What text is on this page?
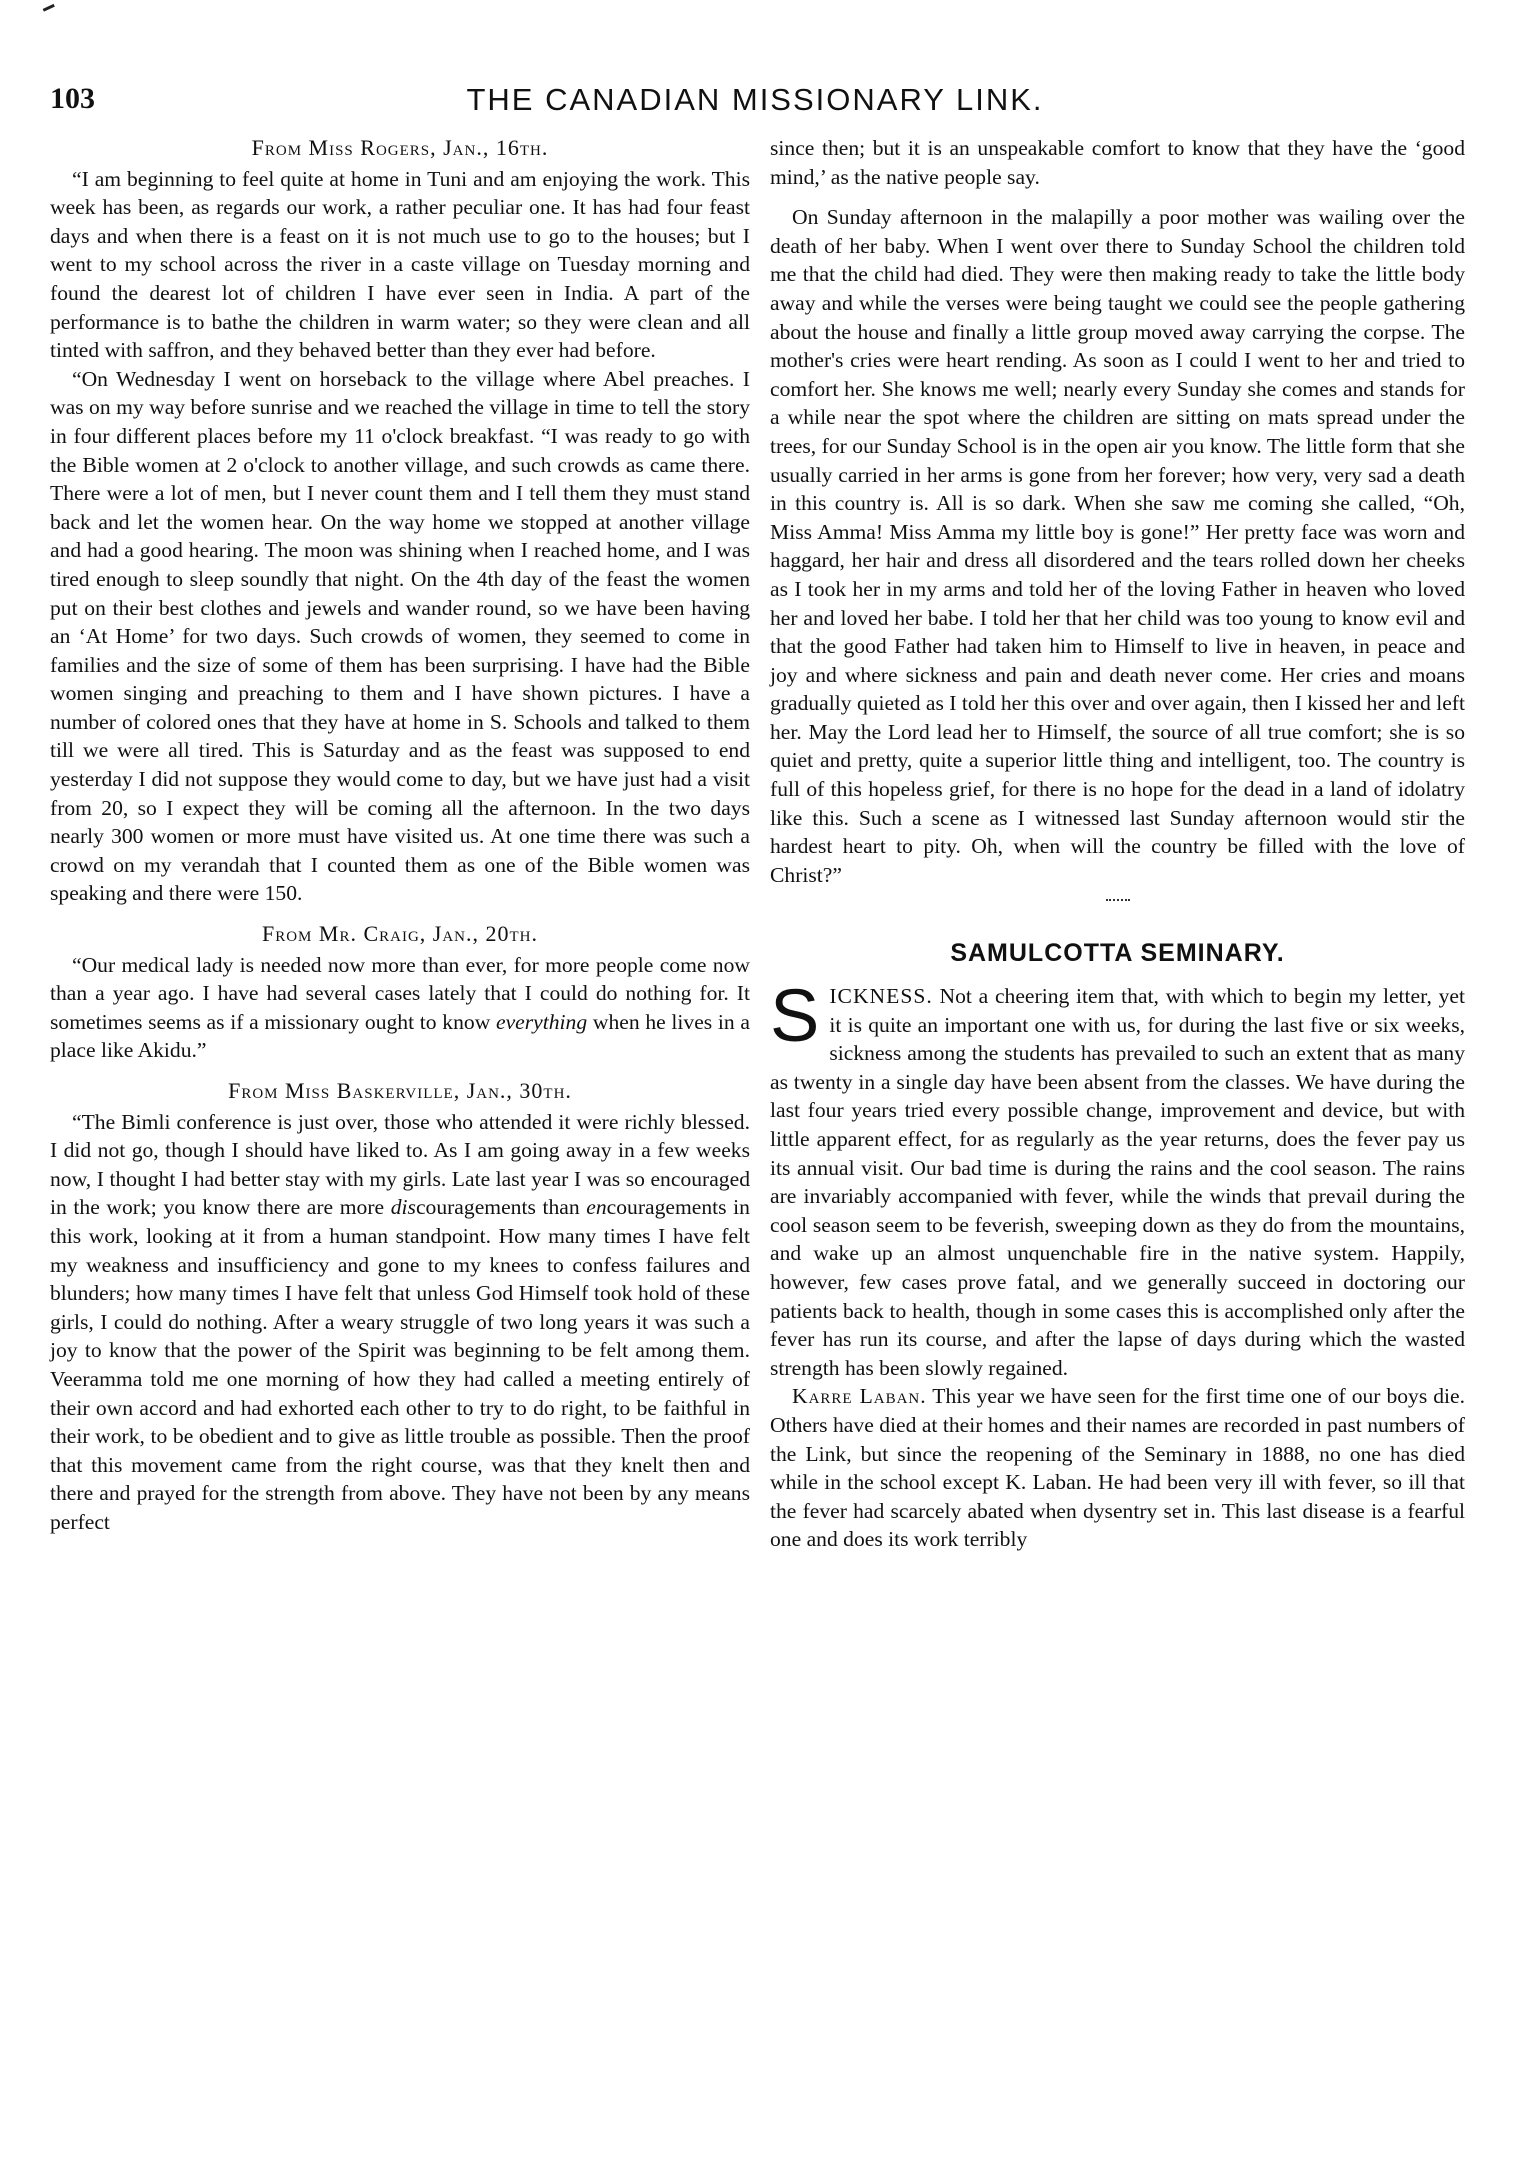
103	THE CANADIAN MISSIONARY LINK.
From Miss Rogers, Jan., 16th.

“I am beginning to feel quite at home in Tuni and am enjoying the work. This week has been, as regards our work, a rather peculiar one. It has had four feast days and when there is a feast on it is not much use to go to the houses; but I went to my school across the river in a caste village on Tuesday morning and found the dearest lot of children I have ever seen in India. A part of the performance is to bathe the children in warm water; so they were clean and all tinted with saffron, and they behaved better than they ever had before.

“On Wednesday I went on horseback to the village where Abel preaches. I was on my way before sunrise and we reached the village in time to tell the story in four different places before my 11 o'clock breakfast. “I was ready to go with the Bible women at 2 o'clock to another village, and such crowds as came there. There were a lot of men, but I never count them and I tell them they must stand back and let the women hear. On the way home we stopped at another village and had a good hearing. The moon was shining when I reached home, and I was tired enough to sleep soundly that night. On the 4th day of the feast the women put on their best clothes and jewels and wander round, so we have been having an ‘At Home’ for two days. Such crowds of women, they seemed to come in families and the size of some of them has been surprising. I have had the Bible women singing and preaching to them and I have shown pictures. I have a number of colored ones that they have at home in S. Schools and talked to them till we were all tired. This is Saturday and as the feast was supposed to end yesterday I did not suppose they would come to day, but we have just had a visit from 20, so I expect they will be coming all the afternoon. In the two days nearly 300 women or more must have visited us. At one time there was such a crowd on my verandah that I counted them as one of the Bible women was speaking and there were 150.

From Mr. Craig, Jan., 20th.

“Our medical lady is needed now more than ever, for more people come now than a year ago. I have had several cases lately that I could do nothing for. It sometimes seems as if a missionary ought to know everything when he lives in a place like Akidu.”

From Miss Baskerville, Jan., 30th.

“The Bimli conference is just over, those who attended it were richly blessed. I did not go, though I should have liked to. As I am going away in a few weeks now, I thought I had better stay with my girls. Late last year I was so encouraged in the work; you know there are more discouragements than encouragements in this work, looking at it from a human standpoint. How many times I have felt my weakness and insufficiency and gone to my knees to confess failures and blunders; how many times I have felt that unless God Himself took hold of these girls, I could do nothing. After a weary struggle of two long years it was such a joy to know that the power of the Spirit was beginning to be felt among them. Veeramma told me one morning of how they had called a meeting entirely of their own accord and had exhorted each other to try to do right, to be faithful in their work, to be obedient and to give as little trouble as possible. Then the proof that this movement came from the right course, was that they knelt then and there and prayed for the strength from above. They have not been by any means perfect

since then; but it is an unspeakable comfort to know that they have the ‘good mind,’ as the native people say.

On Sunday afternoon in the malapilly a poor mother was wailing over the death of her baby. When I went over there to Sunday School the children told me that the child had died. They were then making ready to take the little body away and while the verses were being taught we could see the people gathering about the house and finally a little group moved away carrying the corpse. The mother's cries were heart rending. As soon as I could I went to her and tried to comfort her. She knows me well; nearly every Sunday she comes and stands for a while near the spot where the children are sitting on mats spread under the trees, for our Sunday School is in the open air you know. The little form that she usually carried in her arms is gone from her forever; how very, very sad a death in this country is. All is so dark. When she saw me coming she called, “Oh, Miss Amma! Miss Amma my little boy is gone!” Her pretty face was worn and haggard, her hair and dress all disordered and the tears rolled down her cheeks as I took her in my arms and told her of the loving Father in heaven who loved her and loved her babe. I told her that her child was too young to know evil and that the good Father had taken him to Himself to live in heaven, in peace and joy and where sickness and pain and death never come. Her cries and moans gradually quieted as I told her this over and over again, then I kissed her and left her. May the Lord lead her to Himself, the source of all true comfort; she is so quiet and pretty, quite a superior little thing and intelligent, too. The country is full of this hopeless grief, for there is no hope for the dead in a land of idolatry like this. Such a scene as I witnessed last Sunday afternoon would stir the hardest heart to pity. Oh, when will the country be filled with the love of Christ?”

SAMULCOTTA SEMINARY.

SICKNESS. Not a cheering item that, with which to begin my letter, yet it is quite an important one with us, for during the last five or six weeks, sickness among the students has prevailed to such an extent that as many as twenty in a single day have been absent from the classes. We have during the last four years tried every possible change, improvement and device, but with little apparent effect, for as regularly as the year returns, does the fever pay us its annual visit. Our bad time is during the rains and the cool season. The rains are invariably accompanied with fever, while the winds that prevail during the cool season seem to be feverish, sweeping down as they do from the mountains, and wake up an almost unquenchable fire in the native system. Happily, however, few cases prove fatal, and we generally succeed in doctoring our patients back to health, though in some cases this is accomplished only after the fever has run its course, and after the lapse of days during which the wasted strength has been slowly regained.

Karre Laban. This year we have seen for the first time one of our boys die. Others have died at their homes and their names are recorded in past numbers of the Link, but since the reopening of the Seminary in 1888, no one has died while in the school except K. Laban. He had been very ill with fever, so ill that the fever had scarcely abated when dysentry set in. This last disease is a fearful one and does its work terribly
